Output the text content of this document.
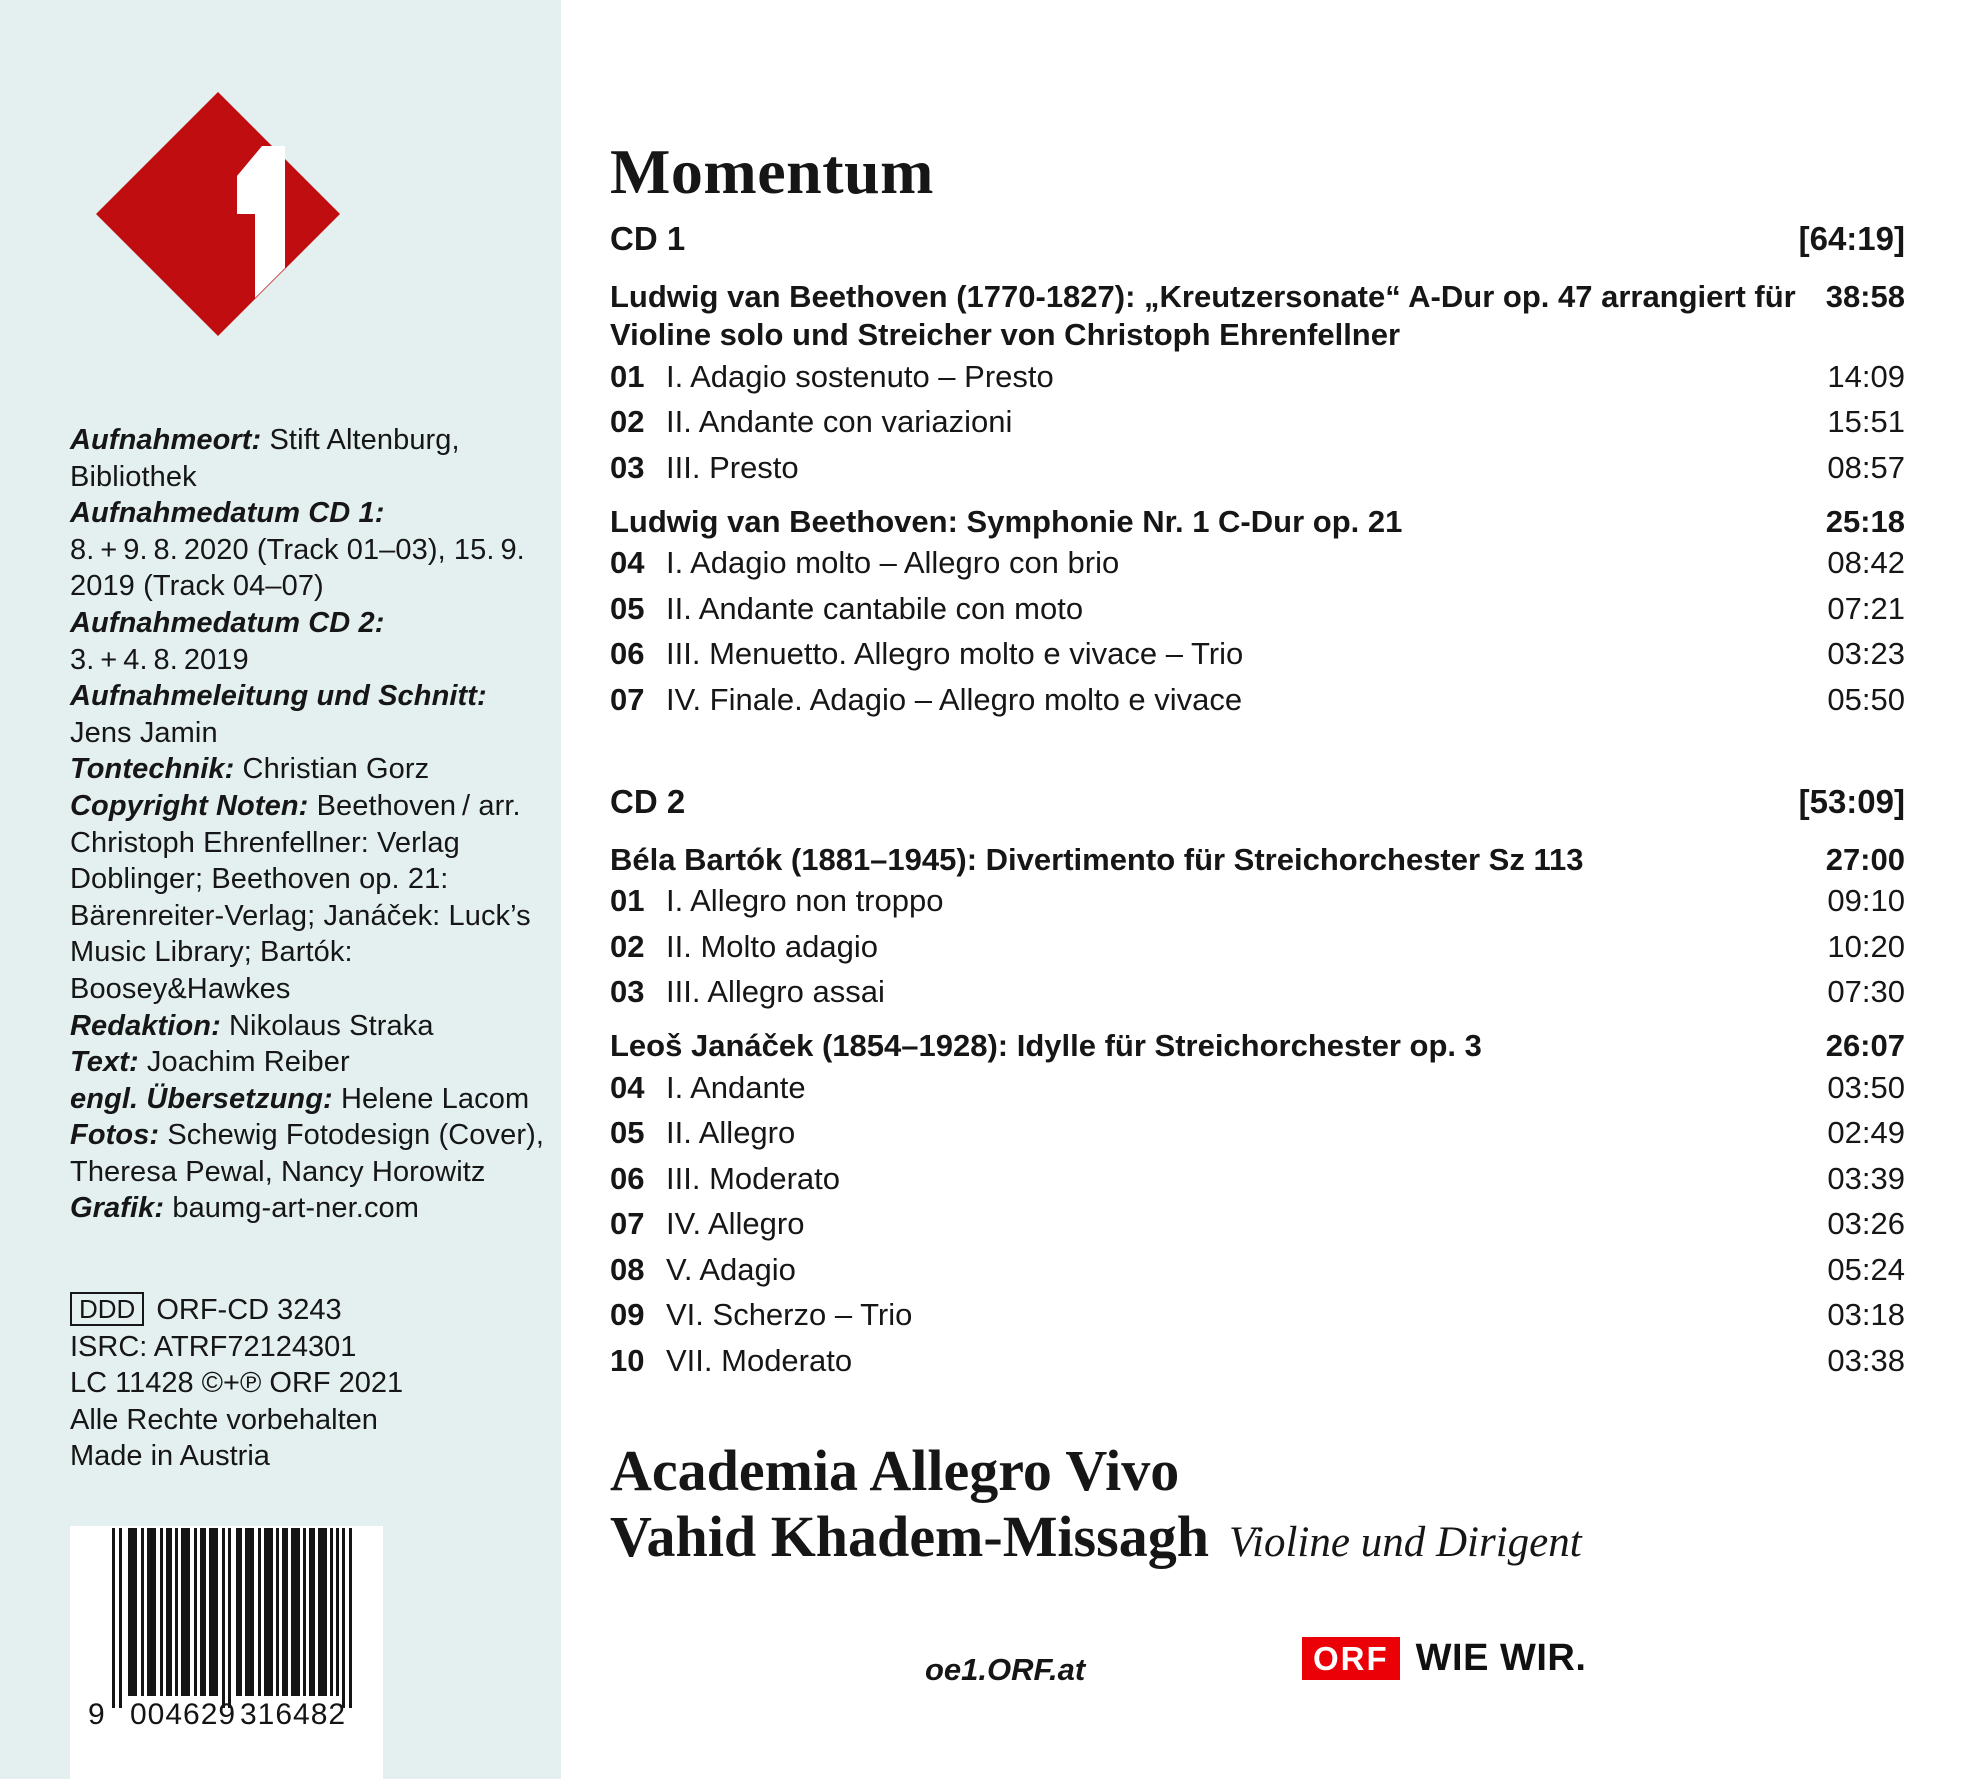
Aufnahmeort: Stift Altenburg, Bibliothek

Aufnahmedatum CD 1:
8. + 9. 8. 2020 (Track 01–03), 15. 9. 2019 (Track 04–07)

Aufnahmedatum CD 2:
3. + 4. 8. 2019

Aufnahmeleitung und Schnitt:
Jens Jamin

Tontechnik: Christian Gorz

Copyright Noten: Beethoven / arr. Christoph Ehrenfellner: Verlag Doblinger; Beethoven op. 21: Bärenreiter-Verlag; Janáček: Luck’s Music Library; Bartók: Boosey&Hawkes

Redaktion: Nikolaus Straka

Text: Joachim Reiber

engl. Übersetzung: Helene Lacom

Fotos: Schewig Fotodesign (Cover), Theresa Pewal, Nancy Horowitz

Grafik: baumg-art-ner.com

DDD ORF-CD 3243

ISRC: ATRF72124301

LC 11428 ©+℗ ORF 2021

Alle Rechte vorbehalten

Made in Austria

9 004629 316482
Momentum
CD 1	[64:19]
Ludwig van Beethoven (1770-1827): „Kreutzersonate“ A-Dur op. 47 arrangiert für Violine solo und Streicher von Christoph Ehrenfellner
38:58
01 I. Adagio sostenuto – Presto	14:09
02 II. Andante con variazioni	15:51
03 III. Presto	08:57
Ludwig van Beethoven: Symphonie Nr. 1 C-Dur op. 21	25:18
04 I. Adagio molto – Allegro con brio	08:42
05 II. Andante cantabile con moto	07:21
06 III. Menuetto. Allegro molto e vivace – Trio	03:23
07 IV. Finale. Adagio – Allegro molto e vivace	05:50
CD 2	[53:09]
Béla Bartók (1881–1945): Divertimento für Streichorchester Sz 113	27:00
01 I. Allegro non troppo	09:10
02 II. Molto adagio	10:20
03 III. Allegro assai	07:30
Leoš Janáček (1854–1928): Idylle für Streichorchester op. 3	26:07
04 I. Andante	03:50
05 II. Allegro	02:49
06 III. Moderato	03:39
07 IV. Allegro	03:26
08 V. Adagio	05:24
09 VI. Scherzo – Trio	03:18
10 VII. Moderato	03:38
Academia Allegro Vivo
Vahid Khadem-Missagh Violine und Dirigent
oe1.ORF.at	ORF WIE WIR.
